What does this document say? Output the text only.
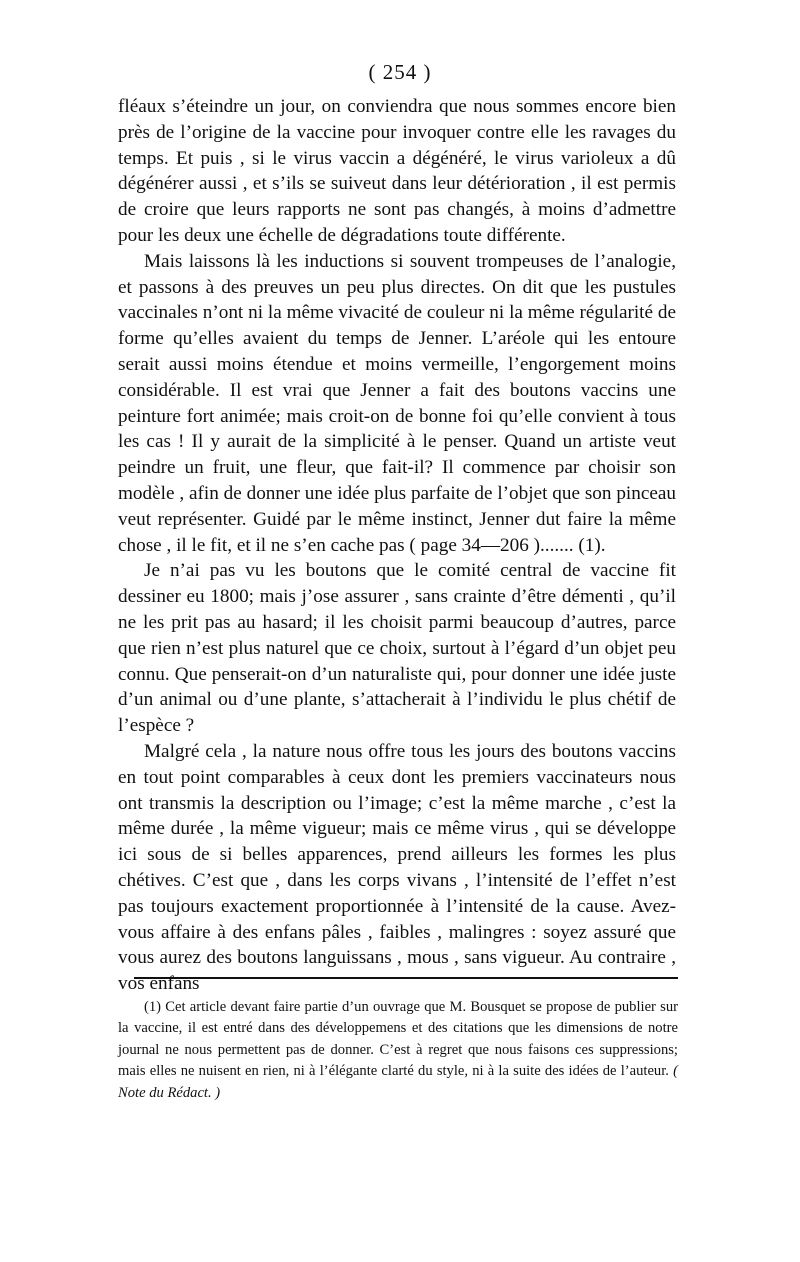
( 254 )

fléaux s’éteindre un jour, on conviendra que nous sommes encore bien près de l’origine de la vaccine pour invoquer contre elle les ravages du temps. Et puis , si le virus vaccin a dégénéré, le virus varioleux a dû dégénérer aussi , et s’ils se suiveut dans leur détérioration , il est permis de croire que leurs rapports ne sont pas changés, à moins d’admettre pour les deux une échelle de dégradations toute différente.

Mais laissons là les inductions si souvent trompeuses de l’analogie, et passons à des preuves un peu plus directes. On dit que les pustules vaccinales n’ont ni la même vivacité de couleur ni la même régularité de forme qu’elles avaient du temps de Jenner. L’aréole qui les entoure serait aussi moins étendue et moins vermeille, l’engorgement moins considérable. Il est vrai que Jenner a fait des boutons vaccins une peinture fort animée; mais croit-on de bonne foi qu’elle convient à tous les cas ! Il y aurait de la simplicité à le penser. Quand un artiste veut peindre un fruit, une fleur, que fait-il? Il commence par choisir son modèle , afin de donner une idée plus parfaite de l’objet que son pinceau veut représenter. Guidé par le même instinct, Jenner dut faire la même chose , il le fit, et il ne s’en cache pas ( page 34—206 )....... (1).

Je n’ai pas vu les boutons que le comité central de vaccine fit dessiner eu 1800; mais j’ose assurer , sans crainte d’être démenti , qu’il ne les prit pas au hasard; il les choisit parmi beaucoup d’autres, parce que rien n’est plus naturel que ce choix, surtout à l’égard d’un objet peu connu. Que penserait-on d’un naturaliste qui, pour donner une idée juste d’un animal ou d’une plante, s’attacherait à l’individu le plus chétif de l’espèce ?

Malgré cela , la nature nous offre tous les jours des boutons vaccins en tout point comparables à ceux dont les premiers vaccinateurs nous ont transmis la description ou l’image; c’est la même marche , c’est la même durée , la même vigueur; mais ce même virus , qui se développe ici sous de si belles apparences, prend ailleurs les formes les plus chétives. C’est que , dans les corps vivans , l’intensité de l’effet n’est pas toujours exactement proportionnée à l’intensité de la cause. Avez-vous affaire à des enfans pâles , faibles , malingres : soyez assuré que vous aurez des boutons languissans , mous , sans vigueur. Au contraire , vos enfans

(1) Cet article devant faire partie d’un ouvrage que M. Bousquet se propose de publier sur la vaccine, il est entré dans des développemens et des citations que les dimensions de notre journal ne nous permettent pas de donner. C’est à regret que nous faisons ces suppressions; mais elles ne nuisent en rien, ni à l’élégante clarté du style, ni à la suite des idées de l’auteur. ( Note du Rédact. )
